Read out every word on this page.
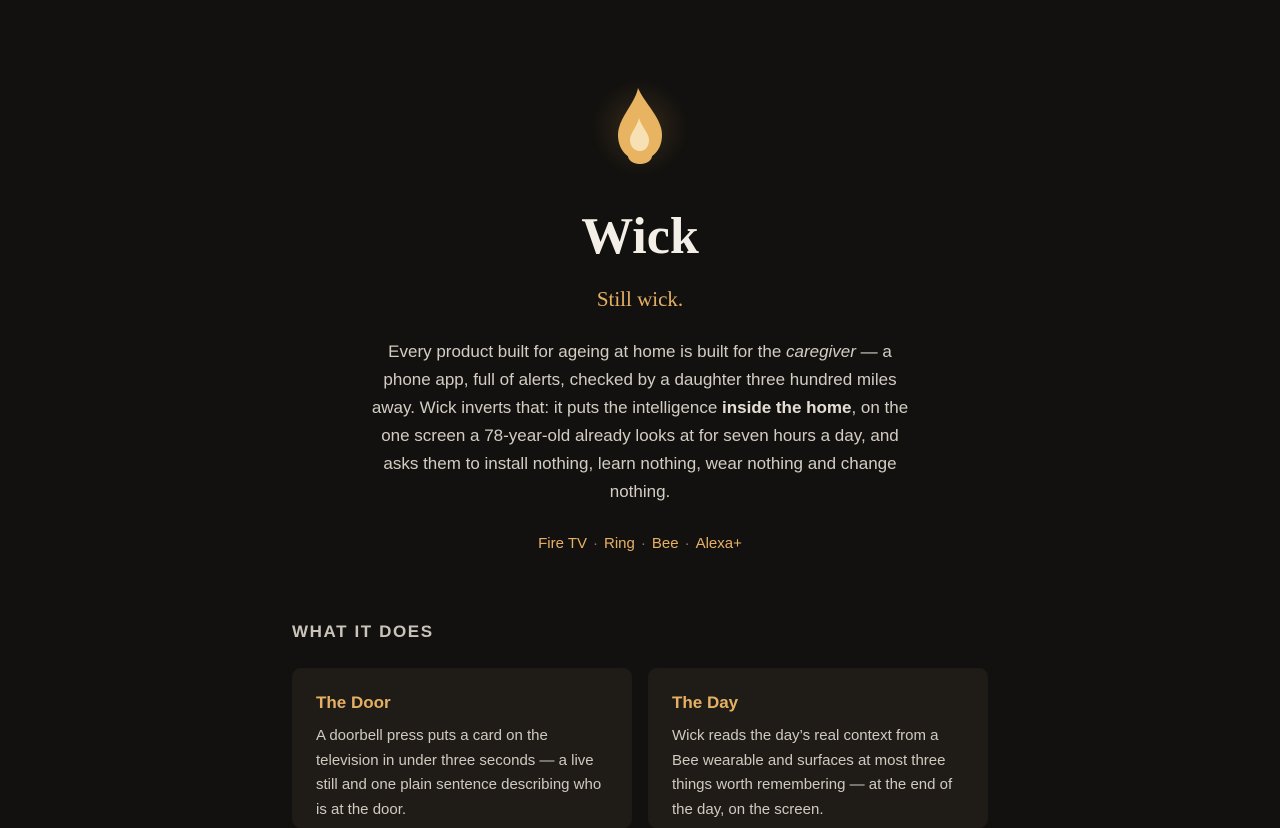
Wick

Still wick.

Every product built for ageing at home is built for the caregiver — a phone app, full of alerts, checked by a daughter three hundred miles away. Wick inverts that: it puts the intelligence inside the home, on the one screen a 78-year-old already looks at for seven hours a day, and asks them to install nothing, learn nothing, wear nothing and change nothing.

Fire TV · Ring · Bee · Alexa+
WHAT IT DOES
The Door

A doorbell press puts a card on the television in under three seconds — a live still and one plain sentence describing who is at the door.

The Day

Wick reads the day’s real context from a Bee wearable and surfaces at most three things worth remembering — at the end of the day, on the screen.
